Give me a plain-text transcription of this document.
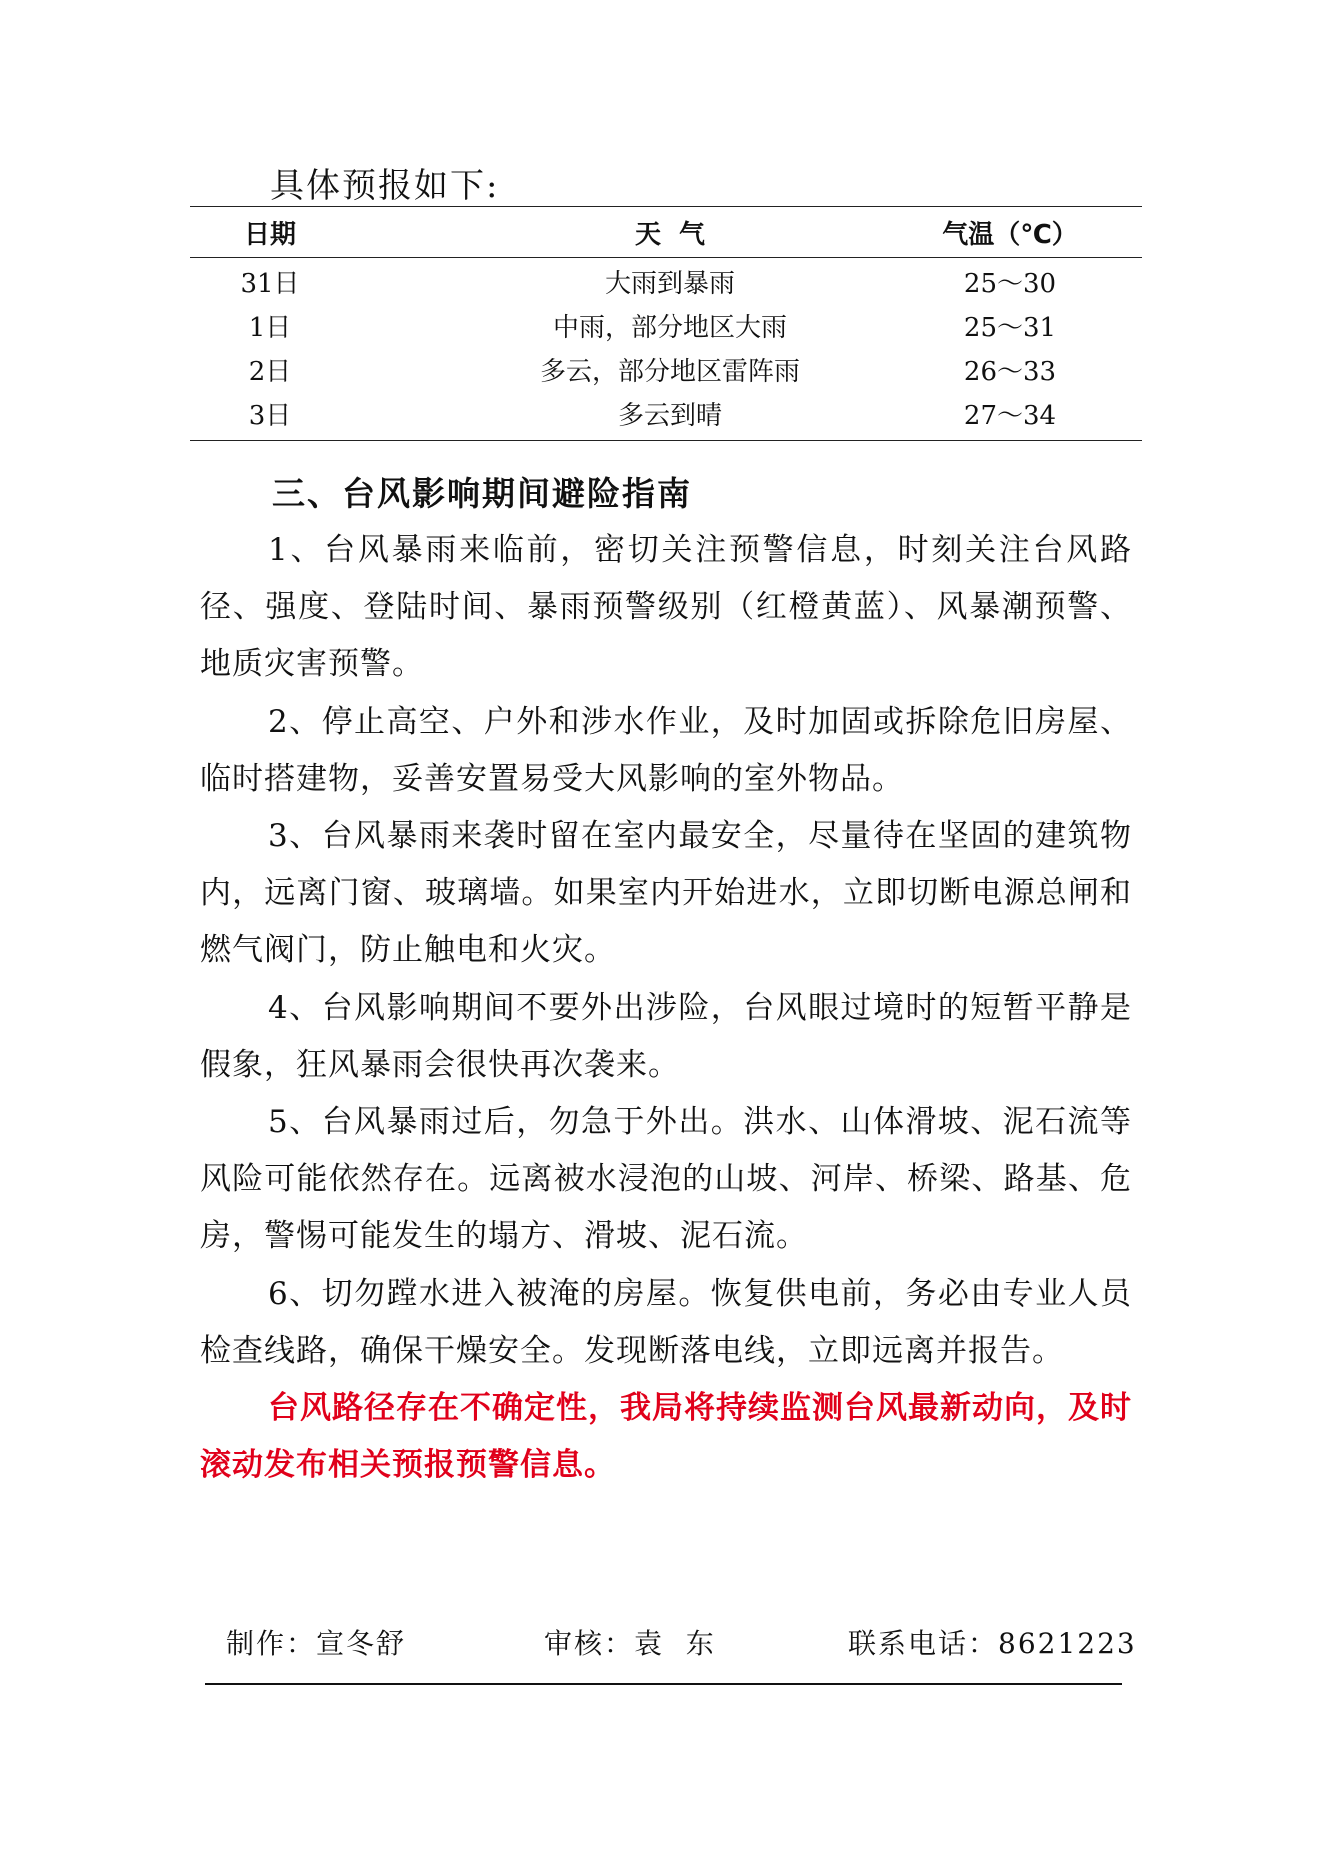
具体预报如下:
日期	天  气	气温（℃）
31日	大雨到暴雨	25～30
1日	中雨，部分地区大雨	25～31
2日	多云，部分地区雷阵雨	26～33
3日	多云到晴	27～34
三、台风影响期间避险指南

1、台风暴雨来临前，密切关注预警信息，时刻关注台风路径、强度、登陆时间、暴雨预警级别（红橙黄蓝）、风暴潮预警、地质灾害预警。

2、停止高空、户外和涉水作业，及时加固或拆除危旧房屋、临时搭建物，妥善安置易受大风影响的室外物品。

3、台风暴雨来袭时留在室内最安全，尽量待在坚固的建筑物内，远离门窗、玻璃墙。如果室内开始进水，立即切断电源总闸和燃气阀门，防止触电和火灾。

4、台风影响期间不要外出涉险，台风眼过境时的短暂平静是假象，狂风暴雨会很快再次袭来。

5、台风暴雨过后，勿急于外出。洪水、山体滑坡、泥石流等风险可能依然存在。远离被水浸泡的山坡、河岸、桥梁、路基、危房，警惕可能发生的塌方、滑坡、泥石流。

6、切勿蹚水进入被淹的房屋。恢复供电前，务必由专业人员检查线路，确保干燥安全。发现断落电线，立即远离并报告。

台风路径存在不确定性，我局将持续监测台风最新动向，及时滚动发布相关预报预警信息。

制作：宣冬舒	审核：袁  东	联系电话：8621223
